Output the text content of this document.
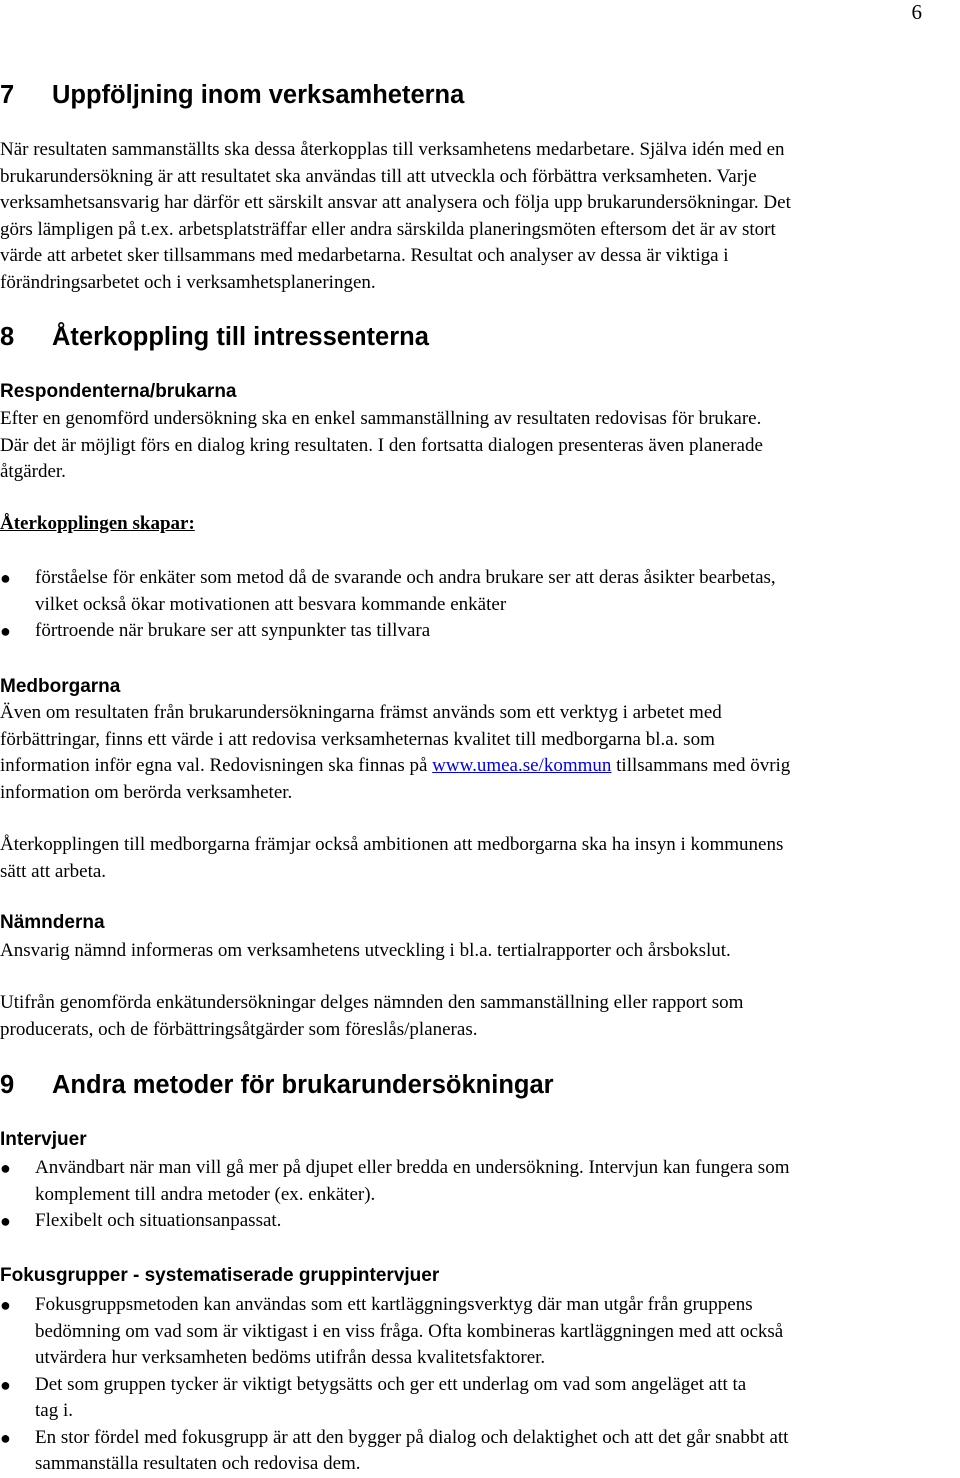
6
7 Uppföljning inom verksamheterna
När resultaten sammanställts ska dessa återkopplas till verksamhetens medarbetare. Själva idén med en
brukarundersökning är att resultatet ska användas till att utveckla och förbättra verksamheten. Varje
verksamhetsansvarig har därför ett särskilt ansvar att analysera och följa upp brukarundersökningar. Det
görs lämpligen på t.ex. arbetsplatsträffar eller andra särskilda planeringsmöten eftersom det är av stort
värde att arbetet sker tillsammans med medarbetarna. Resultat och analyser av dessa är viktiga i
förändringsarbetet och i verksamhetsplaneringen.
8 Återkoppling till intressenterna
Respondenterna/brukarna
Efter en genomförd undersökning ska en enkel sammanställning av resultaten redovisas för brukare.
Där det är möjligt förs en dialog kring resultaten. I den fortsatta dialogen presenteras även planerade
åtgärder.
Återkopplingen skapar:
● förståelse för enkäter som metod då de svarande och andra brukare ser att deras åsikter bearbetas,
vilket också ökar motivationen att besvara kommande enkäter
● förtroende när brukare ser att synpunkter tas tillvara
Medborgarna
Även om resultaten från brukarundersökningarna främst används som ett verktyg i arbetet med
förbättringar, finns ett värde i att redovisa verksamheternas kvalitet till medborgarna bl.a. som
information inför egna val. Redovisningen ska finnas på www.umea.se/kommun tillsammans med övrig
information om berörda verksamheter.
Återkopplingen till medborgarna främjar också ambitionen att medborgarna ska ha insyn i kommunens
sätt att arbeta.
Nämnderna
Ansvarig nämnd informeras om verksamhetens utveckling i bl.a. tertialrapporter och årsbokslut.
Utifrån genomförda enkätundersökningar delges nämnden den sammanställning eller rapport som
producerats, och de förbättringsåtgärder som föreslås/planeras.
9 Andra metoder för brukarundersökningar
Intervjuer
● Användbart när man vill gå mer på djupet eller bredda en undersökning. Intervjun kan fungera som
komplement till andra metoder (ex. enkäter).
● Flexibelt och situationsanpassat.
Fokusgrupper - systematiserade gruppintervjuer
● Fokusgruppsmetoden kan användas som ett kartläggningsverktyg där man utgår från gruppens
bedömning om vad som är viktigast i en viss fråga. Ofta kombineras kartläggningen med att också
utvärdera hur verksamheten bedöms utifrån dessa kvalitetsfaktorer.
● Det som gruppen tycker är viktigt betygsätts och ger ett underlag om vad som angeläget att ta
tag i.
● En stor fördel med fokusgrupp är att den bygger på dialog och delaktighet och att det går snabbt att
sammanställa resultaten och redovisa dem.
